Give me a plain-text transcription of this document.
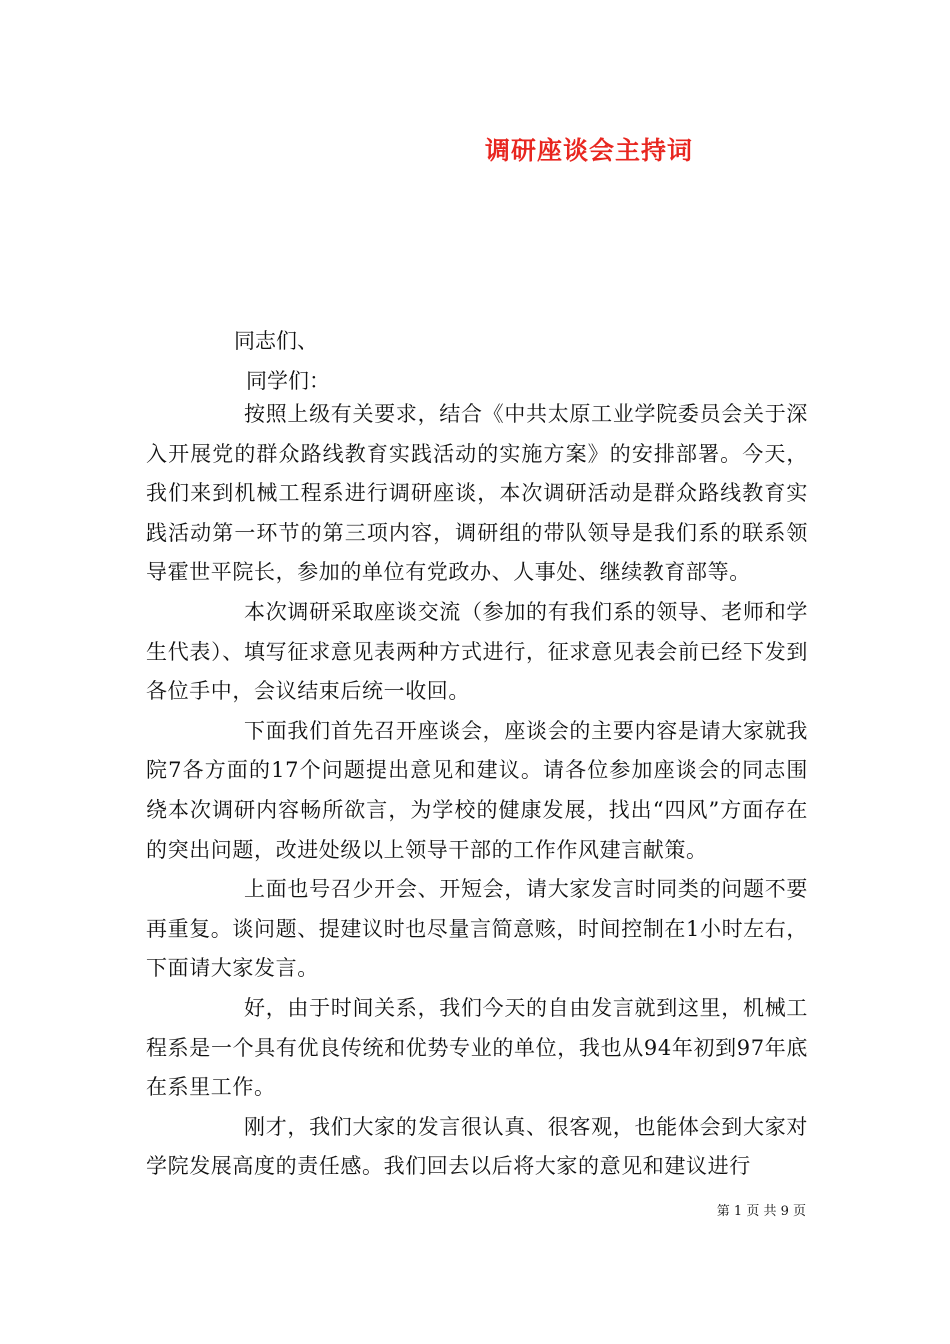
调研座谈会主持词

同志们、

同学们：

按照上级有关要求，结合《中共太原工业学院委员会关于深入开展党的群众路线教育实践活动的实施方案》的安排部署。今天，我们来到机械工程系进行调研座谈，本次调研活动是群众路线教育实践活动第一环节的第三项内容，调研组的带队领导是我们系的联系领导霍世平院长，参加的单位有党政办、人事处、继续教育部等。

本次调研采取座谈交流（参加的有我们系的领导、老师和学生代表）、填写征求意见表两种方式进行，征求意见表会前已经下发到各位手中，会议结束后统一收回。

下面我们首先召开座谈会，座谈会的主要内容是请大家就我院7各方面的17个问题提出意见和建议。请各位参加座谈会的同志围绕本次调研内容畅所欲言，为学校的健康发展，找出“四风”方面存在的突出问题，改进处级以上领导干部的工作作风建言献策。

上面也号召少开会、开短会，请大家发言时同类的问题不要再重复。谈问题、提建议时也尽量言简意赅，时间控制在1小时左右，下面请大家发言。

好，由于时间关系，我们今天的自由发言就到这里，机械工程系是一个具有优良传统和优势专业的单位，我也从94年初到97年底在系里工作。

刚才，我们大家的发言很认真、很客观，也能体会到大家对学院发展高度的责任感。我们回去以后将大家的意见和建议进行

第 1 页 共 9 页
